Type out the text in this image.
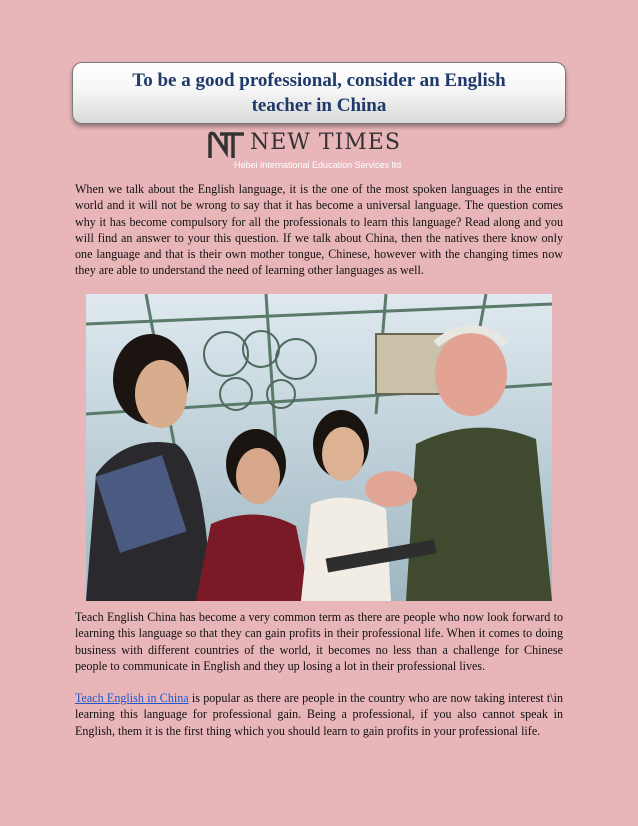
To be a good professional, consider an English
teacher in China
NEW TIMES
Hebei International Education Services ltd

When we talk about the English language, it is the one of the most spoken languages in the entire world and it will not be wrong to say that it has become a universal language. The question comes why it has become compulsory for all the professionals to learn this language? Read along and you will find an answer to your this question. If we talk about China, then the natives there know only one language and that is their own mother tongue, Chinese, however with the changing times now they are able to understand the need of learning other languages as well.

Teach English China has become a very common term as there are people who now look forward to learning this language so that they can gain profits in their professional life. When it comes to doing business with different countries of the world, it becomes no less than a challenge for Chinese people to communicate in English and they up losing a lot in their professional lives.

Teach English in China is popular as there are people in the country who are now taking interest t\in learning this language for professional gain. Being a professional, if you also cannot speak in English, them it is the first thing which you should learn to gain profits in your professional life.
